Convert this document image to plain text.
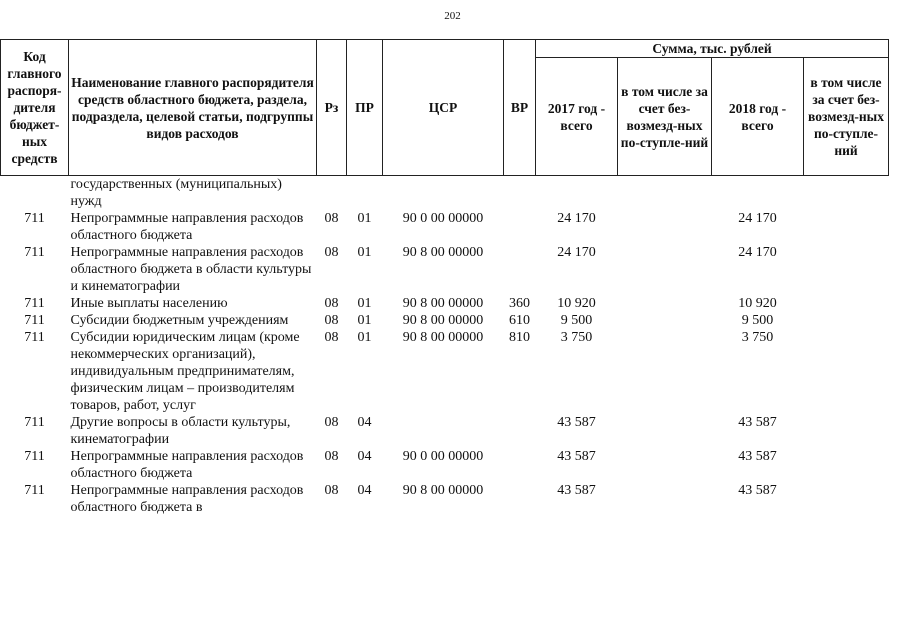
202
Код главного распоря-дителя бюджет-ных средств	Наименование главного распорядителя средств областного бюджета, раздела, подраздела, целевой статьи, подгруппы видов расходов	Рз	ПР	ЦСР	ВР	Сумма, тыс. рублей			
						2017 год - всего	в том числе за счет без-возмезд-ных по-ступле-ний	2018 год - всего	в том числе за счет без-возмезд-ных по-ступле-ний
	государственных (муниципальных) нужд								
711	Непрограммные направления расходов областного бюджета	08	01	90 0 00 00000		24 170		24 170	
711	Непрограммные направления расходов областного бюджета в области культуры и кинематографии	08	01	90 8 00 00000		24 170		24 170	
711	Иные выплаты населению	08	01	90 8 00 00000	360	10 920		10 920	
711	Субсидии бюджетным учреждениям	08	01	90 8 00 00000	610	9 500		9 500	
711	Субсидии юридическим лицам (кроме некоммерческих организаций), индивидуальным предпринимателям, физическим лицам – производителям товаров, работ, услуг	08	01	90 8 00 00000	810	3 750		3 750	
711	Другие вопросы в области культуры, кинематографии	08	04			43 587		43 587	
711	Непрограммные направления расходов областного бюджета	08	04	90 0 00 00000		43 587		43 587	
711	Непрограммные направления расходов областного бюджета в	08	04	90 8 00 00000		43 587		43 587	
